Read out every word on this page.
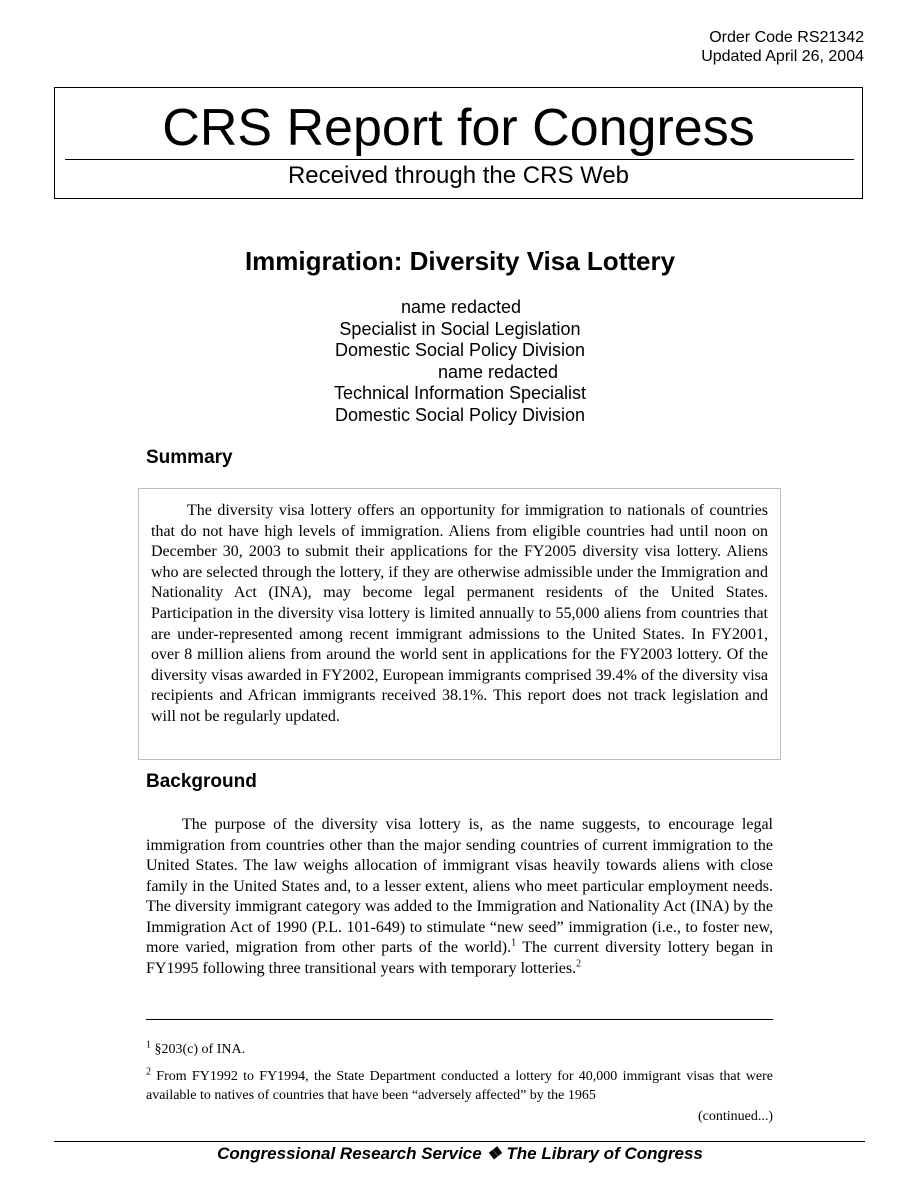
Order Code RS21342
Updated April 26, 2004
CRS Report for Congress
Received through the CRS Web
Immigration: Diversity Visa Lottery
name redacted
Specialist in Social Legislation
Domestic Social Policy Division
name redacted
Technical Information Specialist
Domestic Social Policy Division
Summary

The diversity visa lottery offers an opportunity for immigration to nationals of countries that do not have high levels of immigration. Aliens from eligible countries had until noon on December 30, 2003 to submit their applications for the FY2005 diversity visa lottery. Aliens who are selected through the lottery, if they are otherwise admissible under the Immigration and Nationality Act (INA), may become legal permanent residents of the United States. Participation in the diversity visa lottery is limited annually to 55,000 aliens from countries that are under-represented among recent immigrant admissions to the United States. In FY2001, over 8 million aliens from around the world sent in applications for the FY2003 lottery. Of the diversity visas awarded in FY2002, European immigrants comprised 39.4% of the diversity visa recipients and African immigrants received 38.1%. This report does not track legislation and will not be regularly updated.

Background

The purpose of the diversity visa lottery is, as the name suggests, to encourage legal immigration from countries other than the major sending countries of current immigration to the United States. The law weighs allocation of immigrant visas heavily towards aliens with close family in the United States and, to a lesser extent, aliens who meet particular employment needs. The diversity immigrant category was added to the Immigration and Nationality Act (INA) by the Immigration Act of 1990 (P.L. 101-649) to stimulate “new seed” immigration (i.e., to foster new, more varied, migration from other parts of the world).$^1$ The current diversity lottery began in FY1995 following three transitional years with temporary lotteries.$^2$

$^1$ §203(c) of INA.

$^2$ From FY1992 to FY1994, the State Department conducted a lottery for 40,000 immigrant visas that were available to natives of countries that have been “adversely affected” by the 1965

(continued...)
Congressional Research Service ❖ The Library of Congress
